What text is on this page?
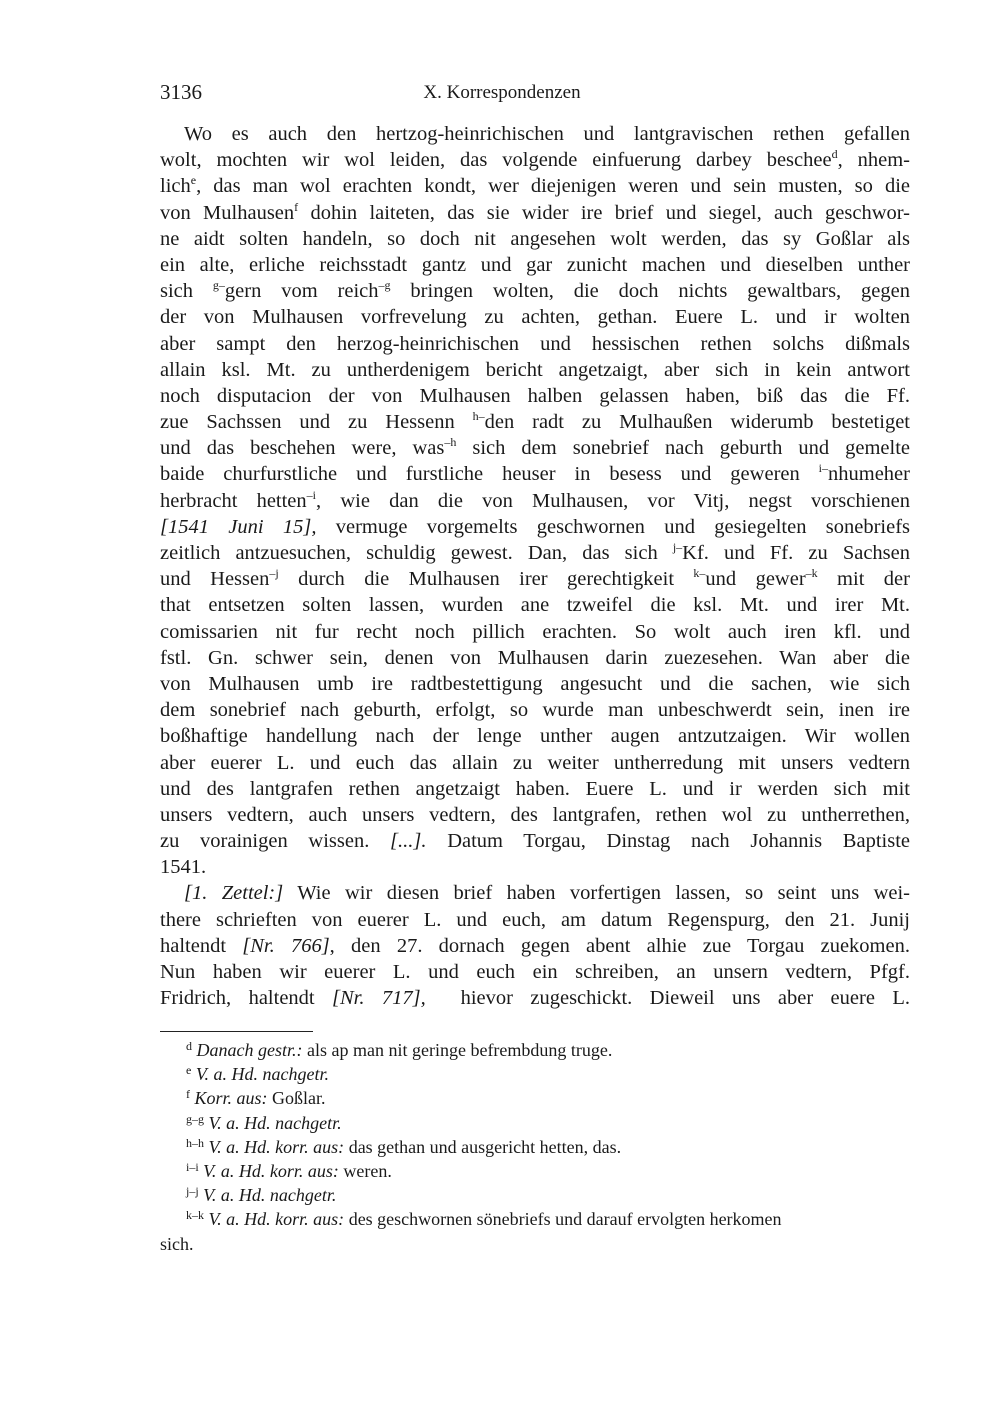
3136	X. Korrespondenzen
Wo es auch den hertzog-heinrichischen und lantgravischen rethen gefallen
wolt, mochten wir wol leiden, das volgende einfuerung darbey beschee$^d$, nhem-
lich$^e$, das man wol erachten kondt, wer diejenigen weren und sein musten, so die
von Mulhausen$^f$ dohin laiteten, das sie wider ire brief und siegel, auch geschwor-
ne aidt solten handeln, so doch nit angesehen wolt werden, das sy Goßlar als
ein alte, erliche reichsstadt gantz und gar zunicht machen und dieselben unther
sich $^{g-}$gern vom reich$^{-g}$ bringen wolten, die doch nichts gewaltbars, gegen
der von Mulhausen vorfrevelung zu achten, gethan. Euere L. und ir wolten
aber sampt den herzog-heinrichischen und hessischen rethen solchs dißmals
allain ksl. Mt. zu untherdenigem bericht angetzaigt, aber sich in kein antwort
noch disputacion der von Mulhausen halben gelassen haben, biß das die Ff.
zue Sachssen und zu Hessenn $^{h-}$den radt zu Mulhaußen widerumb bestetiget
und das beschehen were, was$^{-h}$ sich dem sonebrief nach geburth und gemelte
baide churfurstliche und furstliche heuser in besess und geweren $^{i-}$nhumeher
herbracht hetten$^{-i}$, wie dan die von Mulhausen, vor Vitj, negst vorschienen
[1541 Juni 15], vermuge vorgemelts geschwornen und gesiegelten sonebriefs
zeitlich antzuesuchen, schuldig gewest. Dan, das sich $^{j-}$Kf. und Ff. zu Sachsen
und Hessen$^{-j}$ durch die Mulhausen irer gerechtigkeit $^{k-}$und gewer$^{-k}$ mit der
that entsetzen solten lassen, wurden ane tzweifel die ksl. Mt. und irer Mt.
comissarien nit fur recht noch pillich erachten. So wolt auch iren kfl. und
fstl. Gn. schwer sein, denen von Mulhausen darin zuezesehen. Wan aber die
von Mulhausen umb ire radtbestettigung angesucht und die sachen, wie sich
dem sonebrief nach geburth, erfolgt, so wurde man unbeschwerdt sein, inen ire
boßhaftige handellung nach der lenge unther augen antzutzaigen. Wir wollen
aber euerer L. und euch das allain zu weiter untherredung mit unsers vedtern
und des lantgrafen rethen angetzaigt haben. Euere L. und ir werden sich mit
unsers vedtern, auch unsers vedtern, des lantgrafen, rethen wol zu untherrethen,
zu vorainigen wissen. [...]. Datum Torgau, Dinstag nach Johannis Baptiste
1541.
[1. Zettel:] Wie wir diesen brief haben vorfertigen lassen, so seint uns wei-
there schrieften von euerer L. und euch, am datum Regenspurg, den 21. Junij
haltendt [Nr. 766], den 27. dornach gegen abent alhie zue Torgau zuekomen.
Nun haben wir euerer L. und euch ein schreiben, an unsern vedtern, Pfgf.
Fridrich, haltendt [Nr. 717],  hievor zugeschickt. Dieweil uns aber euere L.
$^d$ Danach gestr.: als ap man nit geringe befrembdung truge.
$^e$ V. a. Hd. nachgetr.
$^f$ Korr. aus: Goßlar.
$^{g-g}$ V. a. Hd. nachgetr.
$^{h-h}$ V. a. Hd. korr. aus: das gethan und ausgericht hetten, das.
$^{i-i}$ V. a. Hd. korr. aus: weren.
$^{j-j}$ V. a. Hd. nachgetr.
$^{k-k}$ V. a. Hd. korr. aus: des geschwornen sönebriefs und darauf ervolgten herkomen
sich.
